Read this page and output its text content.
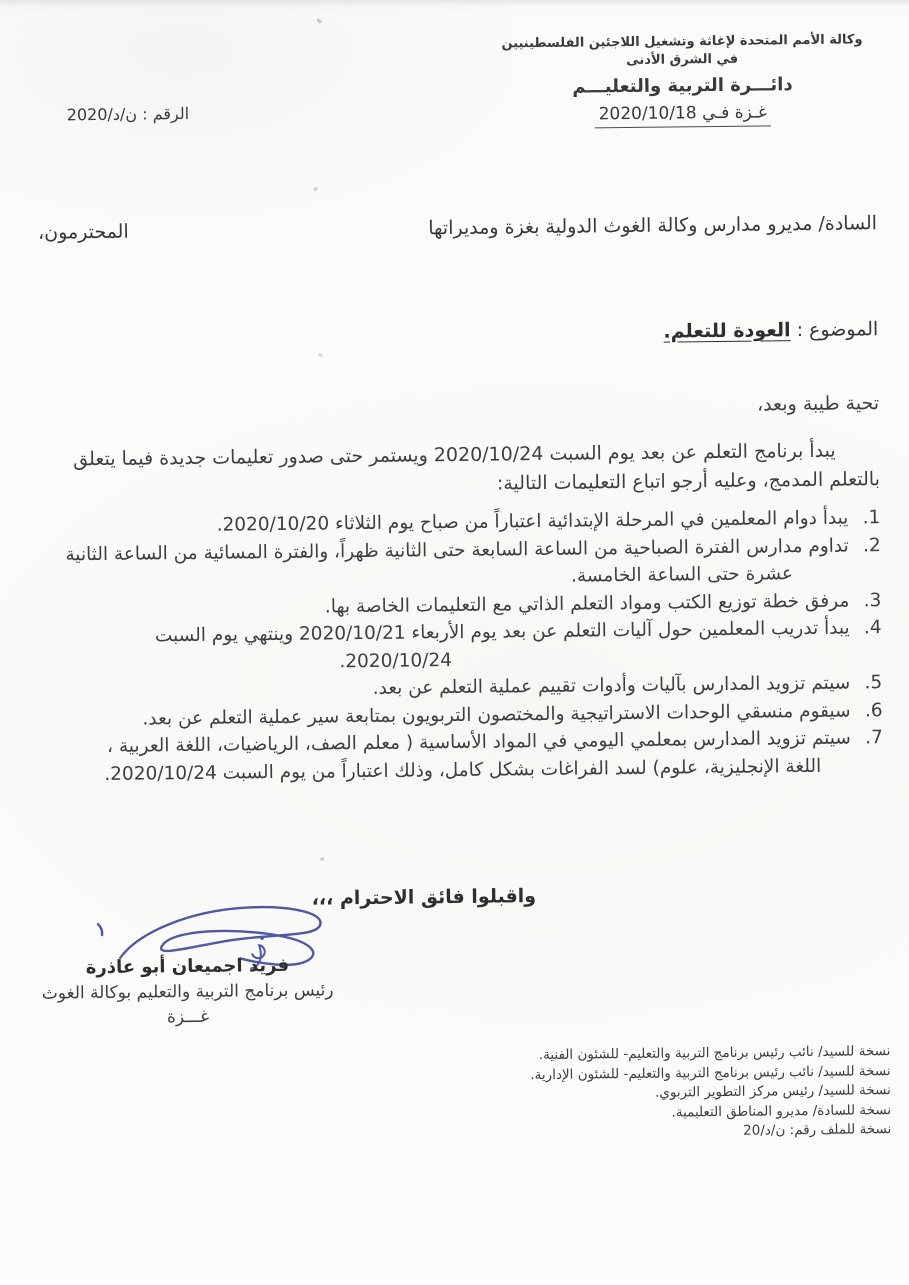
وكالة الأمم المتحدة لإغاثة وتشغيل اللاجئين الفلسطينيين
في الشرق الأدنى
دائـــرة التربية والتعليـــم
غـزة فـي 2020/10/18
الرقم : ن/د/2020
السادة/ مديرو مدارس وكالة الغوث الدولية بغزة ومديراتها
المحترمون،
الموضوع : العودة للتعلم.
تحية طيبة وبعد،
يبدأ برنامج التعلم عن بعد يوم السبت 2020/10/24 ويستمر حتى صدور تعليمات جديدة فيما يتعلق
بالتعلم المدمج، وعليه أرجو اتباع التعليمات التالية:
1.
يبدأ دوام المعلمين في المرحلة الإبتدائية اعتباراً من صباح يوم الثلاثاء 2020/10/20.
2.
تداوم مدارس الفترة الصباحية من الساعة السابعة حتى الثانية ظهراً، والفترة المسائية من الساعة الثانية
عشرة حتى الساعة الخامسة.
3.
مرفق خطة توزيع الكتب ومواد التعلم الذاتي مع التعليمات الخاصة بها.
4.
يبدأ تدريب المعلمين حول آليات التعلم عن بعد يوم الأربعاء 2020/10/21 وينتهي يوم السبت
2020/10/24.
5.
سيتم تزويد المدارس بآليات وأدوات تقييم عملية التعلم عن بعد.
6.
سيقوم منسقي الوحدات الاستراتيجية والمختصون التربويون بمتابعة سير عملية التعلم عن بعد.
7.
سيتم تزويد المدارس بمعلمي اليومي في المواد الأساسية ( معلم الصف، الرياضيات، اللغة العربية ،
اللغة الإنجليزية، علوم) لسد الفراغات بشكل كامل، وذلك اعتباراً من يوم السبت 2020/10/24.
واقبلوا فائق الاحترام ،،،
فريد اجميعان أبو عاذرة
رئيس برنامج التربية والتعليم بوكالة الغوث
غـــزة
نسخة للسيد/ نائب رئيس برنامج التربية والتعليم- للشئون الفنية.
نسخة للسيد/ نائب رئيس برنامج التربية والتعليم- للشئون الإدارية.
نسخة للسيد/ رئيس مركز التطوير التربوي.
نسخة للسادة/ مديرو المناطق التعليمية.
نسخة للملف رقم: ن/د/20
